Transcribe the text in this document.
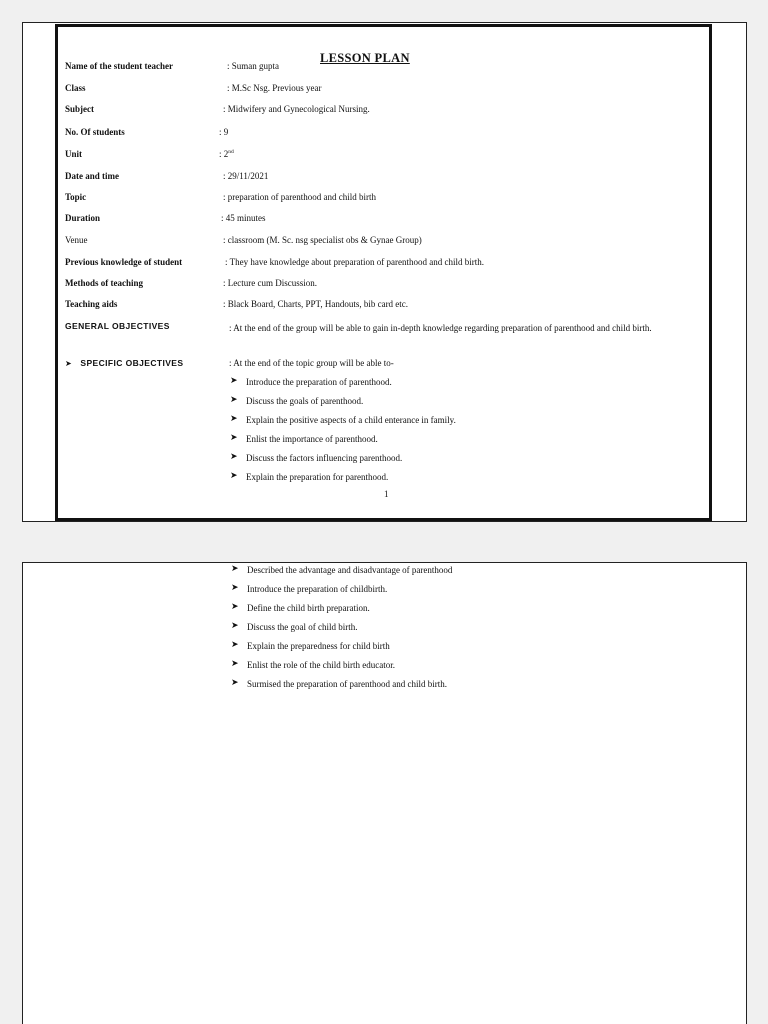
LESSON PLAN
Name of the student teacher	: Suman gupta
Class	: M.Sc Nsg. Previous year
Subject	: Midwifery and Gynecological Nursing.
No. Of students	: 9
Unit	: 2nd
Date and time	: 29/11/2021
Topic	: preparation of parenthood and child birth
Duration	: 45 minutes
Venue	: classroom (M. Sc. nsg specialist obs & Gynae Group)
Previous knowledge of student	: They have knowledge about preparation of parenthood and child birth.
Methods of teaching	: Lecture cum Discussion.
Teaching aids	: Black Board, Charts, PPT, Handouts, bib card etc.
GENERAL OBJECTIVES	: At the end of the group will be able to gain in-depth knowledge regarding preparation of parenthood and child birth.
➤ SPECIFIC OBJECTIVES	: At the end of the topic group will be able to-
➤ Introduce the preparation of parenthood.
➤ Discuss the goals of parenthood.
➤ Explain the positive aspects of a child enterance in family.
➤ Enlist the importance of parenthood.
➤ Discuss the factors influencing parenthood.
➤ Explain the preparation for parenthood.
1
➤ Described the advantage and disadvantage of parenthood
➤ Introduce the preparation of childbirth.
➤ Define the child birth preparation.
➤ Discuss the goal of child birth.
➤ Explain the preparedness for child birth
➤ Enlist the role of the child birth educator.
➤ Surmised the preparation of parenthood and child birth.
